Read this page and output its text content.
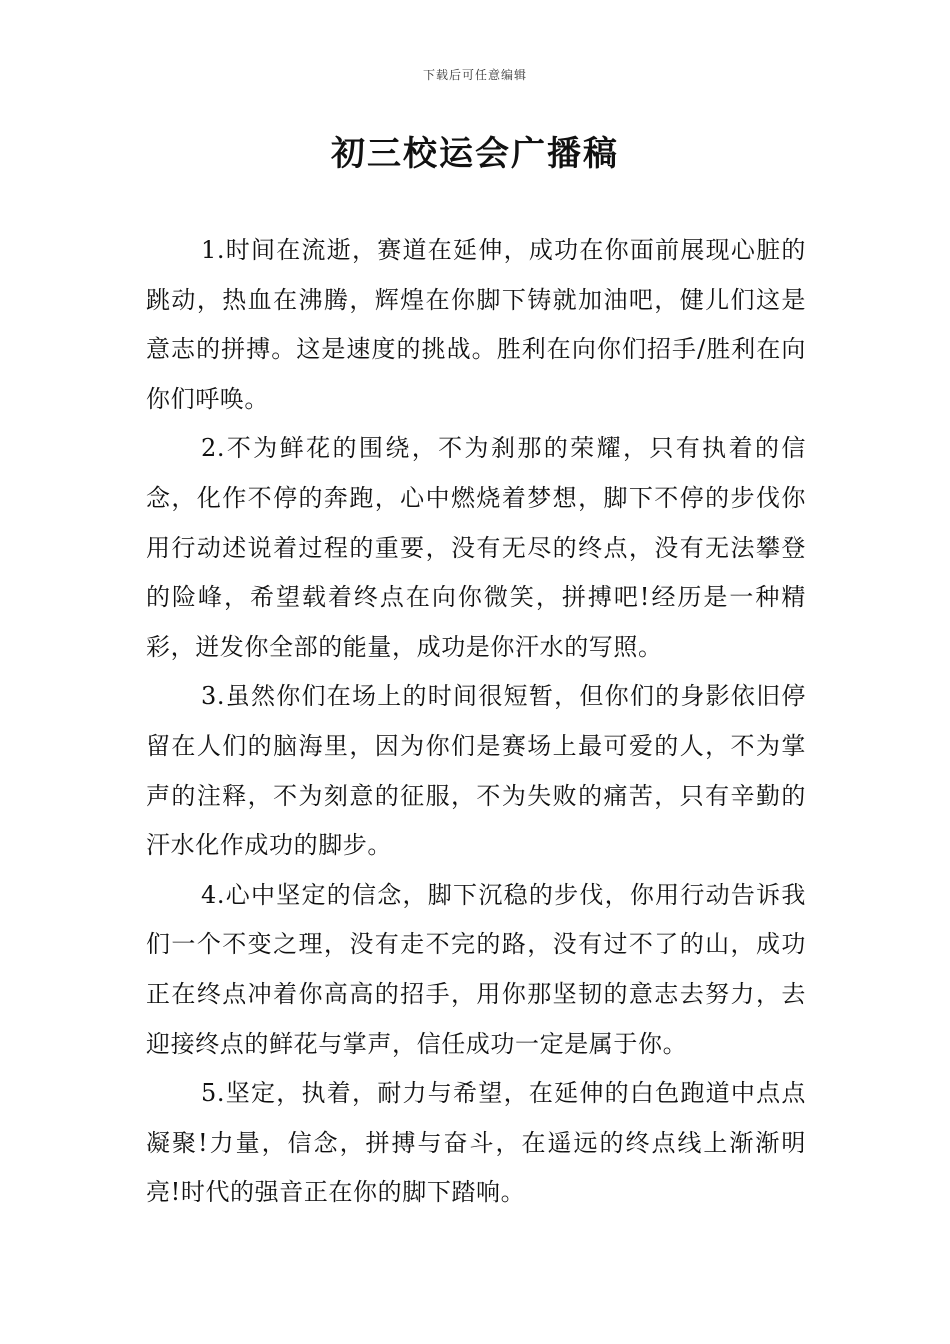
下载后可任意编辑
初三校运会广播稿

1.时间在流逝，赛道在延伸，成功在你面前展现心脏的跳动，热血在沸腾，辉煌在你脚下铸就加油吧，健儿们这是意志的拼搏。这是速度的挑战。胜利在向你们招手/胜利在向你们呼唤。

2.不为鲜花的围绕，不为刹那的荣耀，只有执着的信念，化作不停的奔跑，心中燃烧着梦想，脚下不停的步伐你用行动述说着过程的重要，没有无尽的终点，没有无法攀登的险峰，希望载着终点在向你微笑，拼搏吧!经历是一种精彩，迸发你全部的能量，成功是你汗水的写照。

3.虽然你们在场上的时间很短暂，但你们的身影依旧停留在人们的脑海里，因为你们是赛场上最可爱的人，不为掌声的注释，不为刻意的征服，不为失败的痛苦，只有辛勤的汗水化作成功的脚步。

4.心中坚定的信念，脚下沉稳的步伐，你用行动告诉我们一个不变之理，没有走不完的路，没有过不了的山，成功正在终点冲着你高高的招手，用你那坚韧的意志去努力，去迎接终点的鲜花与掌声，信任成功一定是属于你。

5.坚定，执着，耐力与希望，在延伸的白色跑道中点点凝聚!力量，信念，拼搏与奋斗，在遥远的终点线上渐渐明亮!时代的强音正在你的脚下踏响。
